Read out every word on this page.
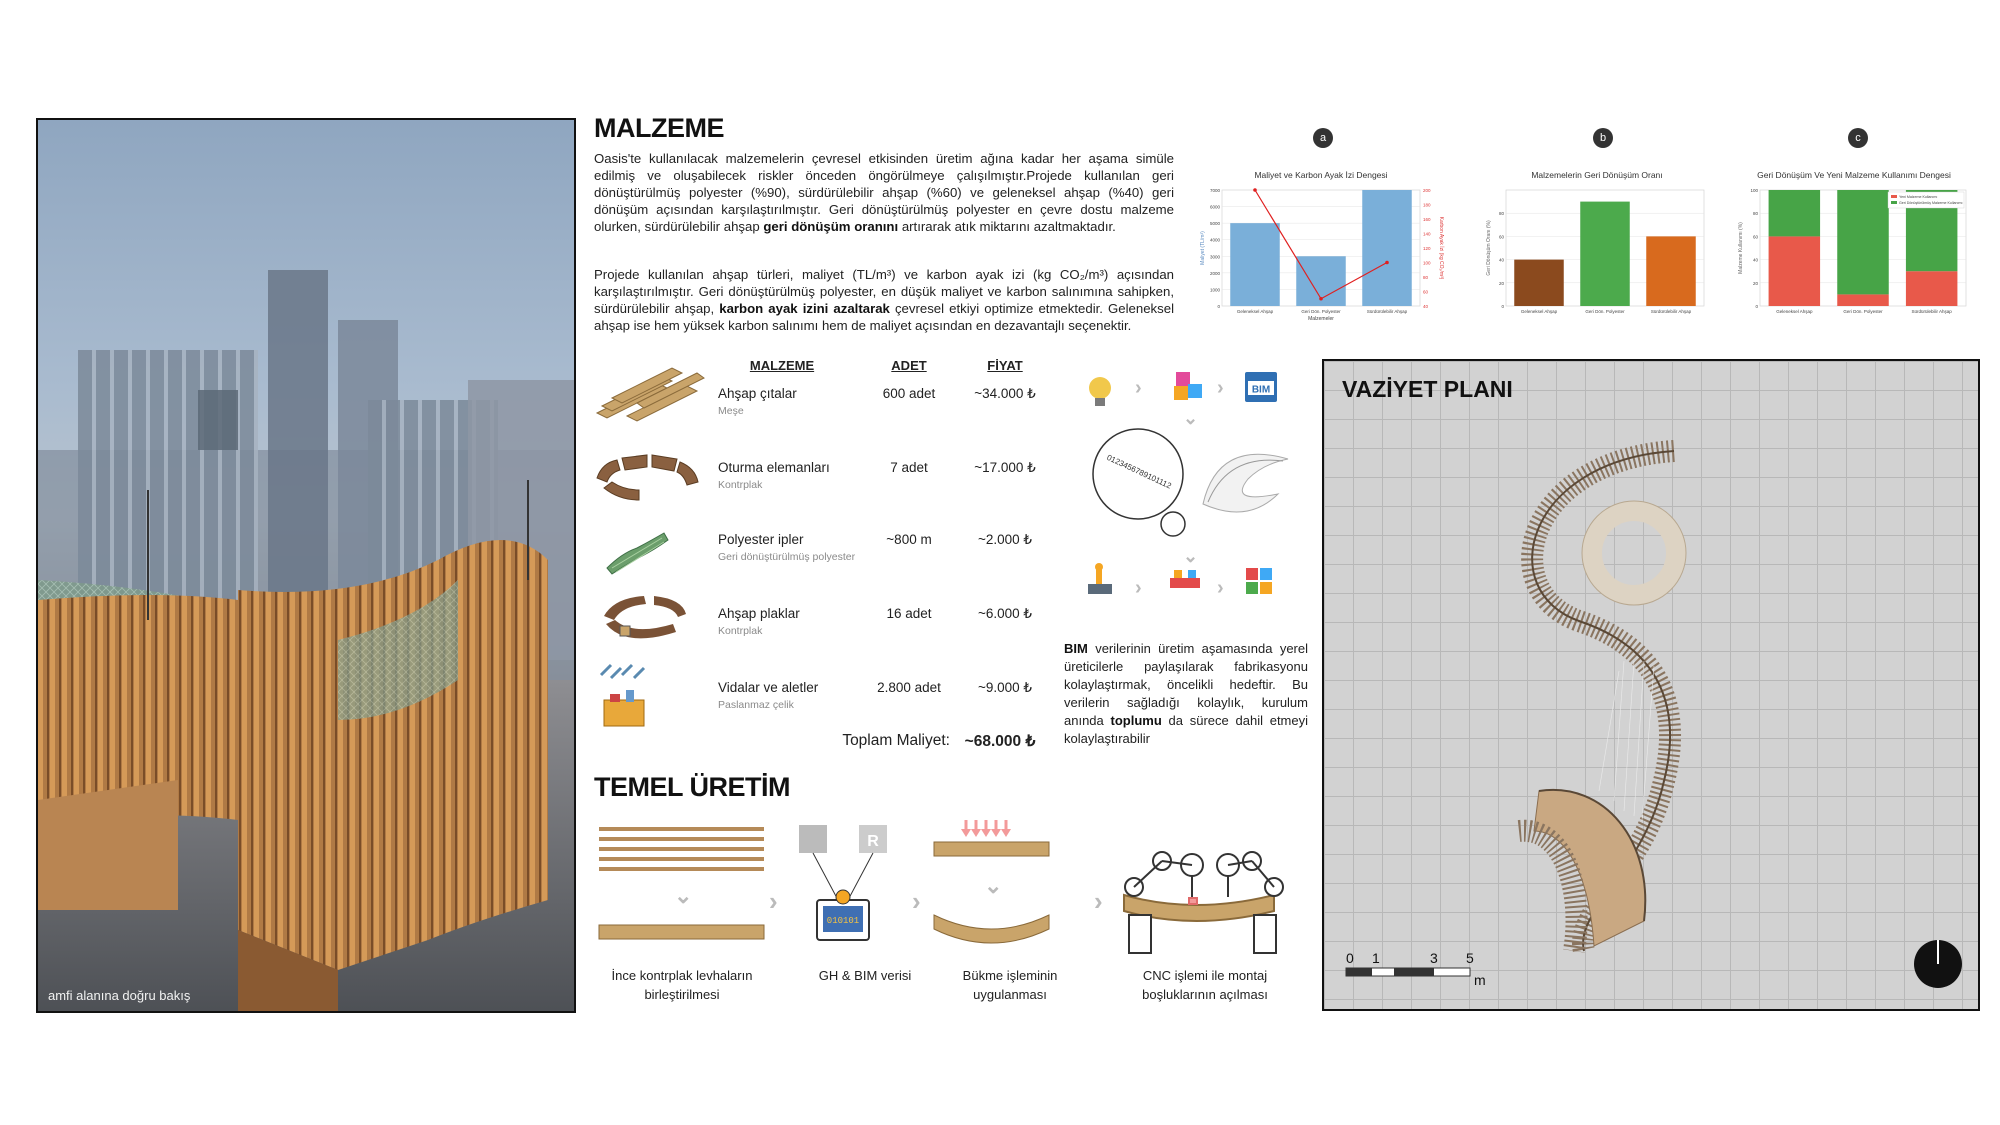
amfi alanına doğru bakış
MALZEME

Oasis'te kullanılacak malzemelerin çevresel etkisinden üretim ağına kadar her aşama simüle edilmiş ve oluşabilecek riskler önceden öngörülmeye çalışılmıştır.Projede kullanılan geri dönüştürülmüş polyester (%90), sürdürülebilir ahşap (%60) ve geleneksel ahşap (%40) geri dönüşüm açısından karşılaştırılmıştır. Geri dönüştürülmüş polyester en çevre dostu malzeme olurken, sürdürülebilir ahşap geri dönüşüm oranını artırarak atık miktarını azaltmaktadır.

Projede kullanılan ahşap türleri, maliyet (TL/m³) ve karbon ayak izi (kg CO₂/m³) açısından karşılaştırılmıştır. Geri dönüştürülmüş polyester, en düşük maliyet ve karbon salınımına sahipken, sürdürülebilir ahşap, karbon ayak izini azaltarak çevresel etkiyi optimize etmektedir. Geleneksel ahşap ise hem yüksek karbon salınımı hem de maliyet açısından en dezavantajlı seçenektir.

a	b	c
Maliyet ve Karbon Ayak İzi Dengesi
0
1000
2000
3000
4000
5000
6000
7000
Maliyet (TL/m³)
Geleneksel Ahşap	Geri Dön. Polyester	Sürdürülebilir Ahşap
Malzemeler
40
60
80
100
120
140
160
180
200
Karbon Ayak İzi (kg CO₂/m³)
Malzemelerin Geri Dönüşüm Oranı
0
20
40
60
80
Geri Dönüşüm Oranı (%)
Geleneksel Ahşap	Geri Dön. Polyester	Sürdürülebilir Ahşap
Geri Dönüşüm Ve Yeni Malzeme Kullanımı Dengesi
0
20
40
60
80
100
Malzeme Kullanımı (%)
Geleneksel Ahşap	Geri Dön. Polyester	Sürdürülebilir Ahşap
Yeni Malzeme Kullanımı
Geri Dönüştürülmüş Malzeme Kullanımı
MALZEME	ADET	FİYAT
Ahşap çıtalar
Meşe
600 adet	~34.000 ₺
Oturma elemanları
Kontrplak
7 adet	~17.000 ₺
Polyester ipler
Geri dönüştürülmüş polyester
~800 m	~2.000 ₺
Ahşap plaklar
Kontrplak
16 adet	~6.000 ₺
Vidalar ve aletler
Paslanmaz çelik
2.800 adet	~9.000 ₺
Toplam Maliyet: ~68.000 ₺
›	›	BIM
⌄
0123456789101112
⌄
›	›

BIM verilerinin üretim aşamasında yerel üreticilerle paylaşılarak fabrikasyonu kolaylaştırmak, öncelikli hedeftir. Bu verilerin sağladığı kolaylık, kurulum anında toplumu da sürece dahil etmeyi kolaylaştırabilir

TEMEL ÜRETİM
⌄	›
R
010101
›
⌄
›
İnce kontrplak levhaların
birleştirilmesi
GH & BIM verisi	Bükme işleminin
uygulanması
CNC işlemi ile montaj
boşluklarının açılması
VAZİYET PLANI
0 1	3 5
m
